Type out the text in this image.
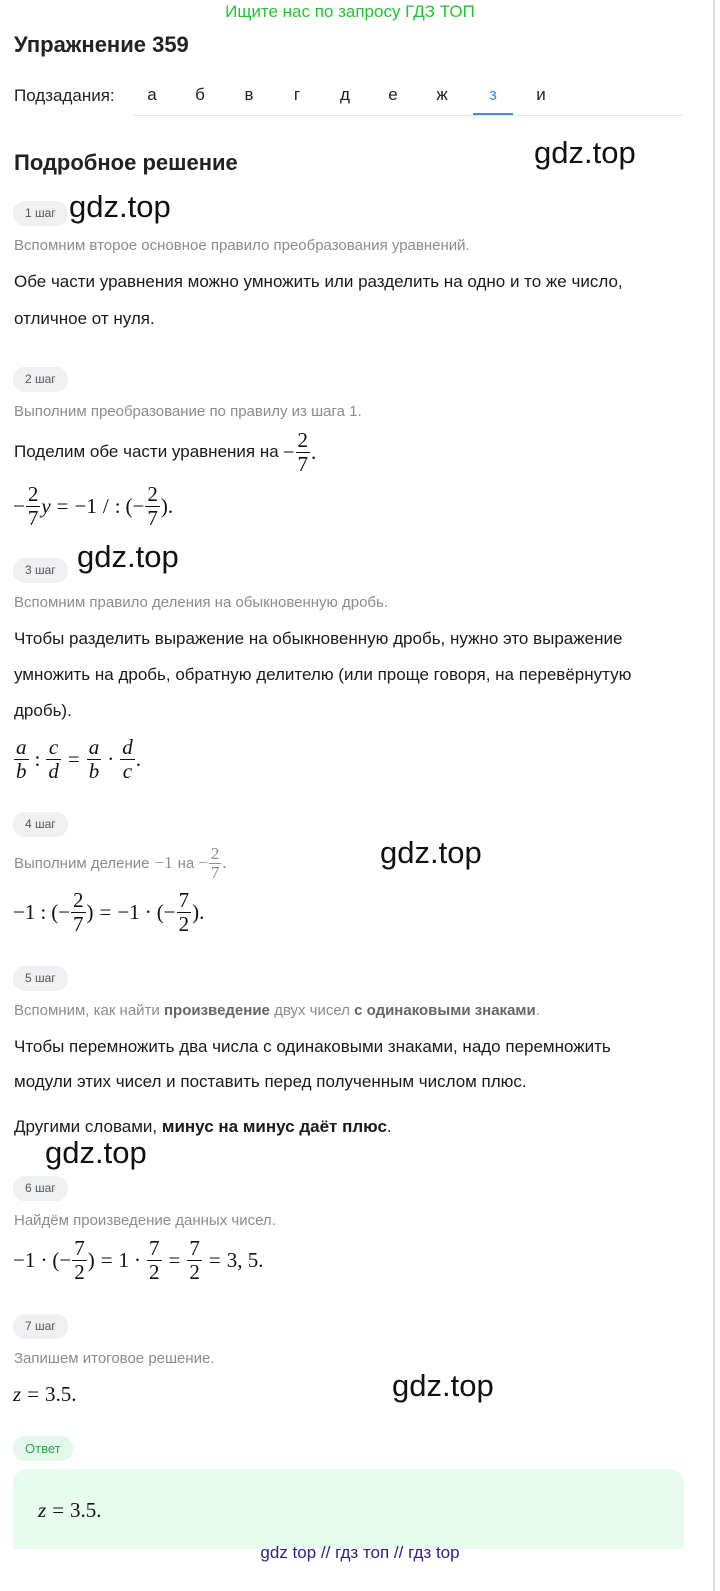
Ищите нас по запросу ГДЗ ТОП
Упражнение 359
Подзадания:	а	б	в	г	д	е	ж	з	и
Подробное решение	gdz.top
1 шаг gdz.top
Вспомним второе основное правило преобразования уравнений.
Обе части уравнения можно умножить или разделить на одно и то же число,
отличное от нуля.
2 шаг
Выполним преобразование по правилу из шага 1.
Поделим обе части уравнения на − $\frac{2}{7}$ .
− $\frac{2}{7}$ y = − 1 / : ( − $\frac{2}{7}$ ) .
3 шаг gdz.top
Вспомним правило деления на обыкновенную дробь.
Чтобы разделить выражение на обыкновенную дробь, нужно это выражение
умножить на дробь, обратную делителю (или проще говоря, на перевёрнутую
дробь).
$\frac{a}{b}$ : $\frac{c}{d} = \frac{a}{b} \cdot \frac{d}{c}$ .
4 шаг
Выполним деление − 1 на − $\frac{2}{7}$ .	gdz.top
− 1 : ( − $\frac{2}{7}$ ) = − 1 · ( − $\frac{7}{2}$ ) .
5 шаг
Вспомним, как найти произведение двух чисел с одинаковыми знаками.
Чтобы перемножить два числа с одинаковыми знаками, надо перемножить
модули этих чисел и поставить перед полученным числом плюс.
Другими словами, минус на минус даёт плюс.
gdz.top
6 шаг
Найдём произведение данных чисел.
− 1 · ( − $\frac{7}{2}$ ) = $1 \cdot \frac{7}{2} = \frac{7}{2} = 3$, 5 .
7 шаг
Запишем итоговое решение.
z = 3.5 .	gdz.top
Ответ
z = 3.5 .
gdz top // гдз топ // гдз top
